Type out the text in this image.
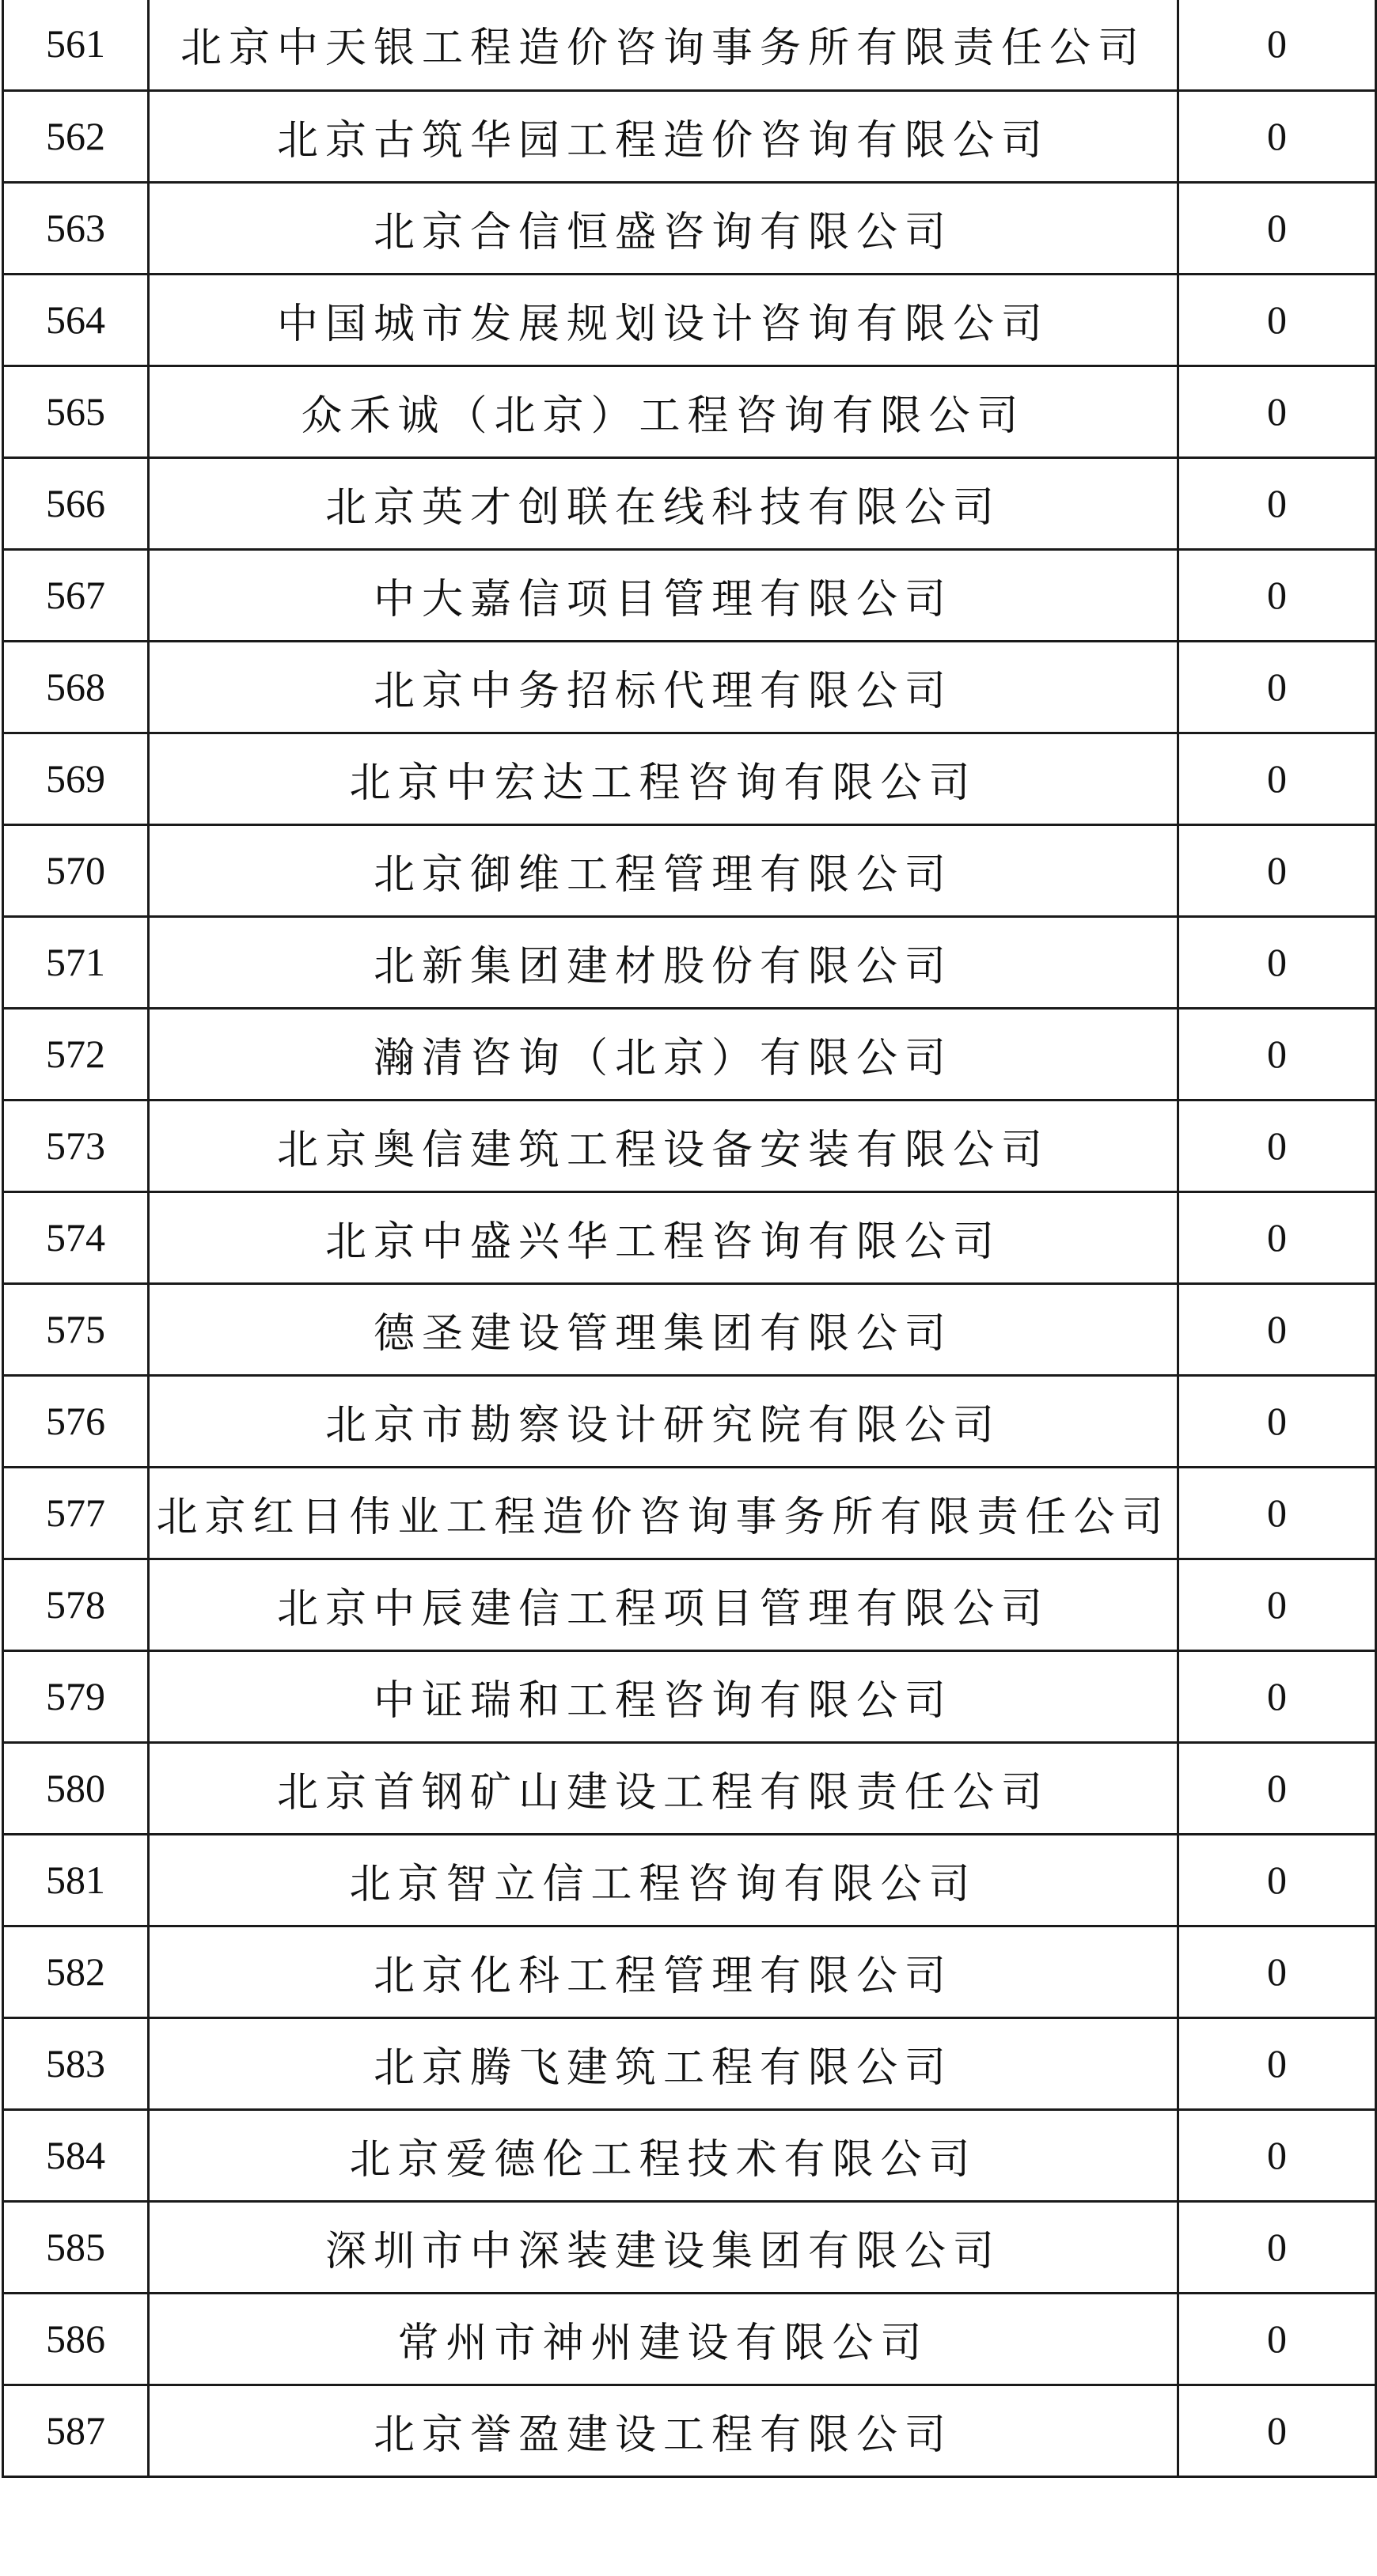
561	北京中天银工程造价咨询事务所有限责任公司	0
562	北京古筑华园工程造价咨询有限公司	0
563	北京合信恒盛咨询有限公司	0
564	中国城市发展规划设计咨询有限公司	0
565	众禾诚（北京）工程咨询有限公司	0
566	北京英才创联在线科技有限公司	0
567	中大嘉信项目管理有限公司	0
568	北京中务招标代理有限公司	0
569	北京中宏达工程咨询有限公司	0
570	北京御维工程管理有限公司	0
571	北新集团建材股份有限公司	0
572	瀚清咨询（北京）有限公司	0
573	北京奥信建筑工程设备安装有限公司	0
574	北京中盛兴华工程咨询有限公司	0
575	德圣建设管理集团有限公司	0
576	北京市勘察设计研究院有限公司	0
577	北京红日伟业工程造价咨询事务所有限责任公司	0
578	北京中辰建信工程项目管理有限公司	0
579	中证瑞和工程咨询有限公司	0
580	北京首钢矿山建设工程有限责任公司	0
581	北京智立信工程咨询有限公司	0
582	北京化科工程管理有限公司	0
583	北京腾飞建筑工程有限公司	0
584	北京爱德伦工程技术有限公司	0
585	深圳市中深装建设集团有限公司	0
586	常州市神州建设有限公司	0
587	北京誉盈建设工程有限公司	0
